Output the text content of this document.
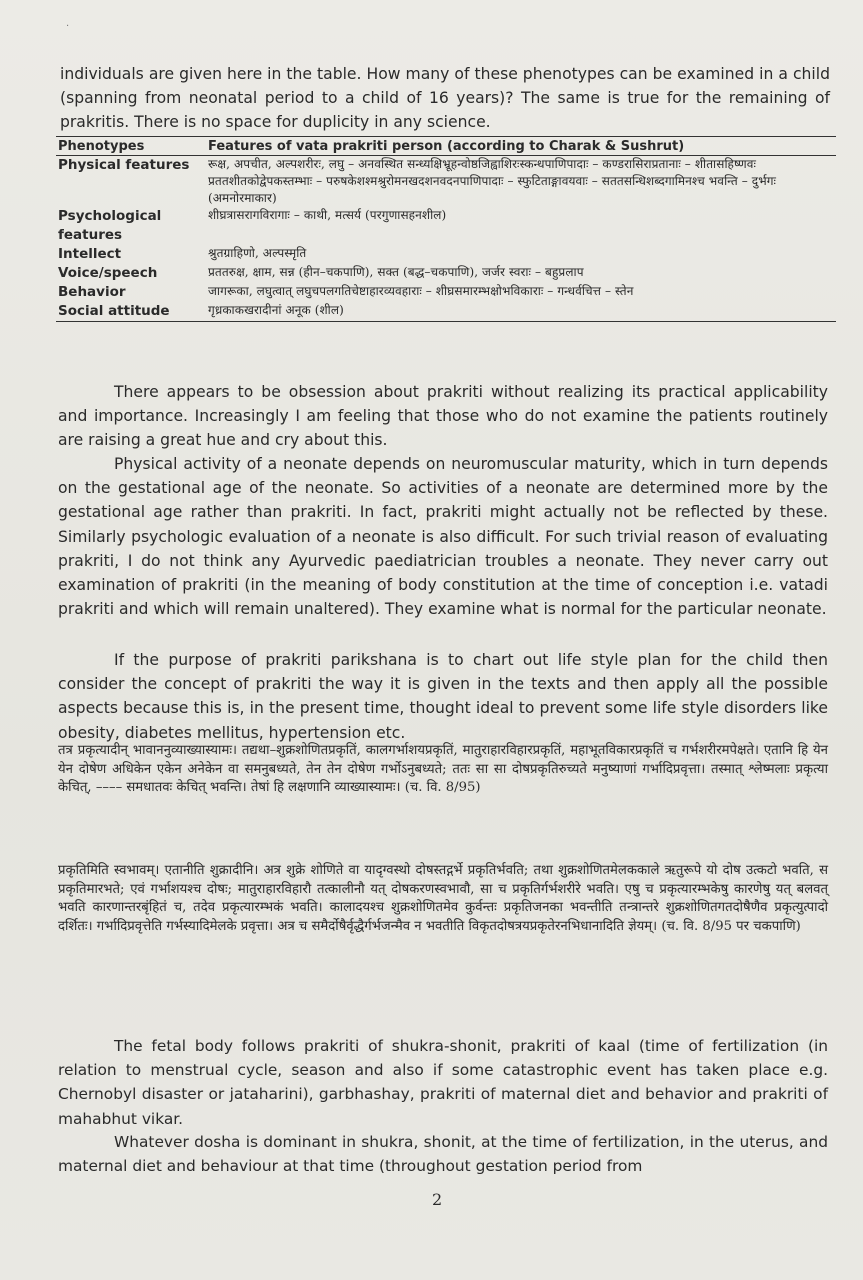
.

individuals are given here in the table. How many of these phenotypes can be examined in a child (spanning from neonatal period to a child of 16 years)? The same is true for the remaining of prakritis. There is no space for duplicity in any science.

Phenotypes	Features of vata prakriti person (according to Charak & Sushrut)
Physical features	रूक्ष, अपचीत, अल्पशरीरः, लघु – अनवस्थित सन्ध्यक्षिभ्रूहन्वोष्ठजिह्वाशिरःस्कन्धपाणिपादाः – कण्डरासिराप्रतानाः – शीतासहिष्णवः प्रततशीतकोद्वेपकस्तम्भाः – परुषकेशश्मश्रुरोमनखदशनवदनपाणिपादाः – स्फुटिताङ्गावयवाः – सततसन्धिशब्दगामिनश्च भवन्ति – दुर्भगः (अमनोरमाकार)
Psychological features	शीघ्रत्रासरागविरागाः – काथी, मत्सर्य (परगुणासहनशील)
Intellect	श्रुतग्राहिणो, अल्पस्मृति
Voice/speech	प्रततरुक्ष, क्षाम, सन्न (हीन–चकपाणि), सक्त (बद्ध–चकपाणि), जर्जर स्वराः – बहुप्रलाप
Behavior	जागरूका, लघुत्वात् लघुचपलगतिचेष्टाहारव्यवहाराः – शीघ्रसमारम्भक्षोभविकाराः – गन्धर्वचित्त – स्तेन
Social attitude	गृध्रकाकखरादीनां अनूक (शील)

There appears to be obsession about prakriti without realizing its practical applicability and importance. Increasingly I am feeling that those who do not examine the patients routinely are raising a great hue and cry about this.

Physical activity of a neonate depends on neuromuscular maturity, which in turn depends on the gestational age of the neonate. So activities of a neonate are determined more by the gestational age rather than prakriti. In fact, prakriti might actually not be reflected by these. Similarly psychologic evaluation of a neonate is also difficult. For such trivial reason of evaluating prakriti, I do not think any Ayurvedic paediatrician troubles a neonate. They never carry out examination of prakriti (in the meaning of body constitution at the time of conception i.e. vatadi prakriti and which will remain unaltered). They examine what is normal for the particular neonate.

If the purpose of prakriti parikshana is to chart out life style plan for the child then consider the concept of prakriti the way it is given in the texts and then apply all the possible aspects because this is, in the present time, thought ideal to prevent some life style disorders like obesity, diabetes mellitus, hypertension etc.

तत्र प्रकृत्यादीन् भावाननुव्याख्यास्यामः। तद्यथा–शुक्रशोणितप्रकृतिं, कालगर्भाशयप्रकृतिं, मातुराहारविहारप्रकृतिं, महाभूतविकारप्रकृतिं च गर्भशरीरमपेक्षते। एतानि हि येन येन दोषेण अधिकेन एकेन अनेकेन वा समनुबध्यते, तेन तेन दोषेण गर्भोऽनुबध्यते; ततः सा सा दोषप्रकृतिरुच्यते मनुष्याणां गर्भादिप्रवृत्ता। तस्मात् श्लेष्मलाः प्रकृत्या केचित्, –––– समधातवः केचित् भवन्ति। तेषां हि लक्षणानि व्याख्यास्यामः। (च. वि. 8/95)

प्रकृतिमिति स्वभावम्। एतानीति शुक्रादीनि। अत्र शुक्रे शोणिते वा यादृग्वस्थो दोषस्तद्गर्भे प्रकृतिर्भवति; तथा शुक्रशोणितमेलककाले ऋतुरूपे यो दोष उत्कटो भवति, स प्रकृतिमारभते; एवं गर्भाशयश्च दोषः; मातुराहारविहारौ तत्कालीनौ यत् दोषकरणस्वभावौ, सा च प्रकृतिर्गर्भशरीरे भवति। एषु च प्रकृत्यारम्भकेषु कारणेषु यत् बलवत् भवति कारणान्तरबृंहितं च, तदेव प्रकृत्यारम्भकं भवति। कालादयश्च शुक्रशोणितमेव कुर्वन्तः प्रकृतिजनका भवन्तीति तन्त्रान्तरे शुक्रशोणितगतदोषैणैव प्रकृत्युत्पादो दर्शितः। गर्भादिप्रवृत्तेति गर्भस्यादिमेलके प्रवृत्ता। अत्र च समैर्दोषैर्वृद्धैर्गर्भजन्मैव न भवतीति विकृतदोषत्रयप्रकृतेरनभिधानादिति ज्ञेयम्। (च. वि. 8/95 पर चकपाणि)

The fetal body follows prakriti of shukra-shonit, prakriti of kaal (time of fertilization (in relation to menstrual cycle, season and also if some catastrophic event has taken place e.g. Chernobyl disaster or jataharini), garbhashay, prakriti of maternal diet and behavior and prakriti of mahabhut vikar.

Whatever dosha is dominant in shukra, shonit, at the time of fertilization, in the uterus, and maternal diet and behaviour at that time (throughout gestation period from

2
